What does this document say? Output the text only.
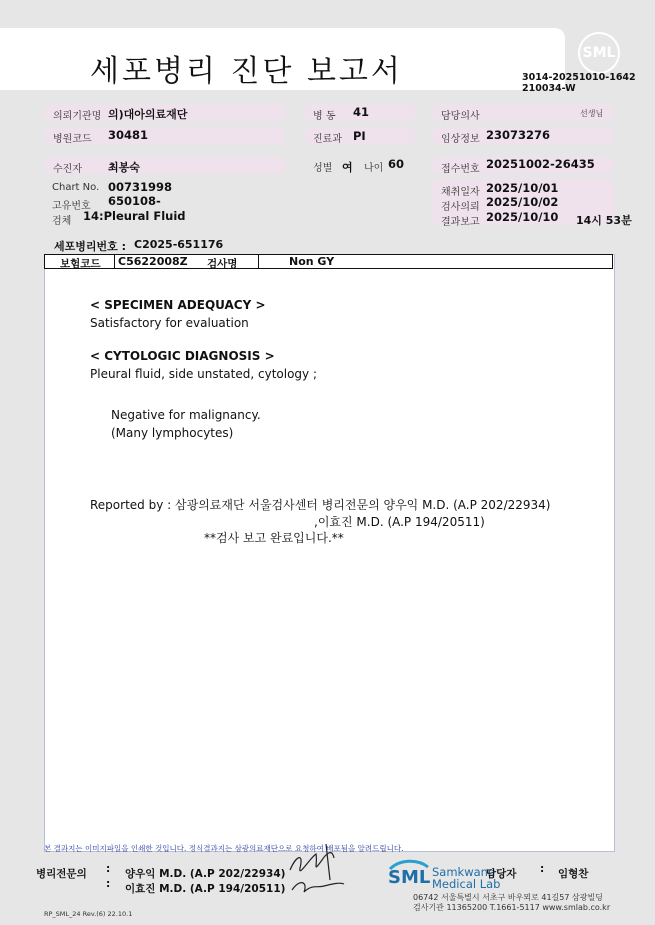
세포병리 진단 보고서
SML
3014-20251010-1642
210034-W
의뢰기관명 의)대아의료재단
병원코드 30481
수진자 최봉숙
Chart No. 00731998
고유번호 650108-
검체 14:Pleural Fluid
병 동 41
진료과 PI
성별 여 나이 60
담당의사	선생님
임상정보 23073276
접수번호 20251002-26435
채취일자 2025/10/01
검사의뢰 2025/10/02
결과보고 2025/10/10 14시 53분
세포병리번호 : C2025-651176
보험코드 C5622008Z 검사명	Non GY
< SPECIMEN ADEQUACY >
Satisfactory for evaluation
< CYTOLOGIC DIAGNOSIS >
Pleural fluid, side unstated, cytology ;
Negative for malignancy.
(Many lymphocytes)
Reported by : 삼광의료재단 서울검사센터 병리전문의 양우익 M.D. (A.P 202/22934)
,이효진 M.D. (A.P 194/20511)
**검사 보고 완료입니다.**
본 결과지는 이미지파일을 인쇄한 것입니다. 정식결과지는 삼광의료재단으로 요청하여 배포됨을 알려드립니다.
병리전문의 :
:
양우익 M.D. (A.P 202/22934)
이효진 M.D. (A.P 194/20511)
SML Samkwang
Medical Lab
담당자 : 임형찬
06742 서울특별시 서초구 바우뫼로 41길57 삼광빌딩
검사기관 11365200 T.1661-5117 www.smlab.co.kr
RP_SML_24 Rev.(6) 22.10.1
